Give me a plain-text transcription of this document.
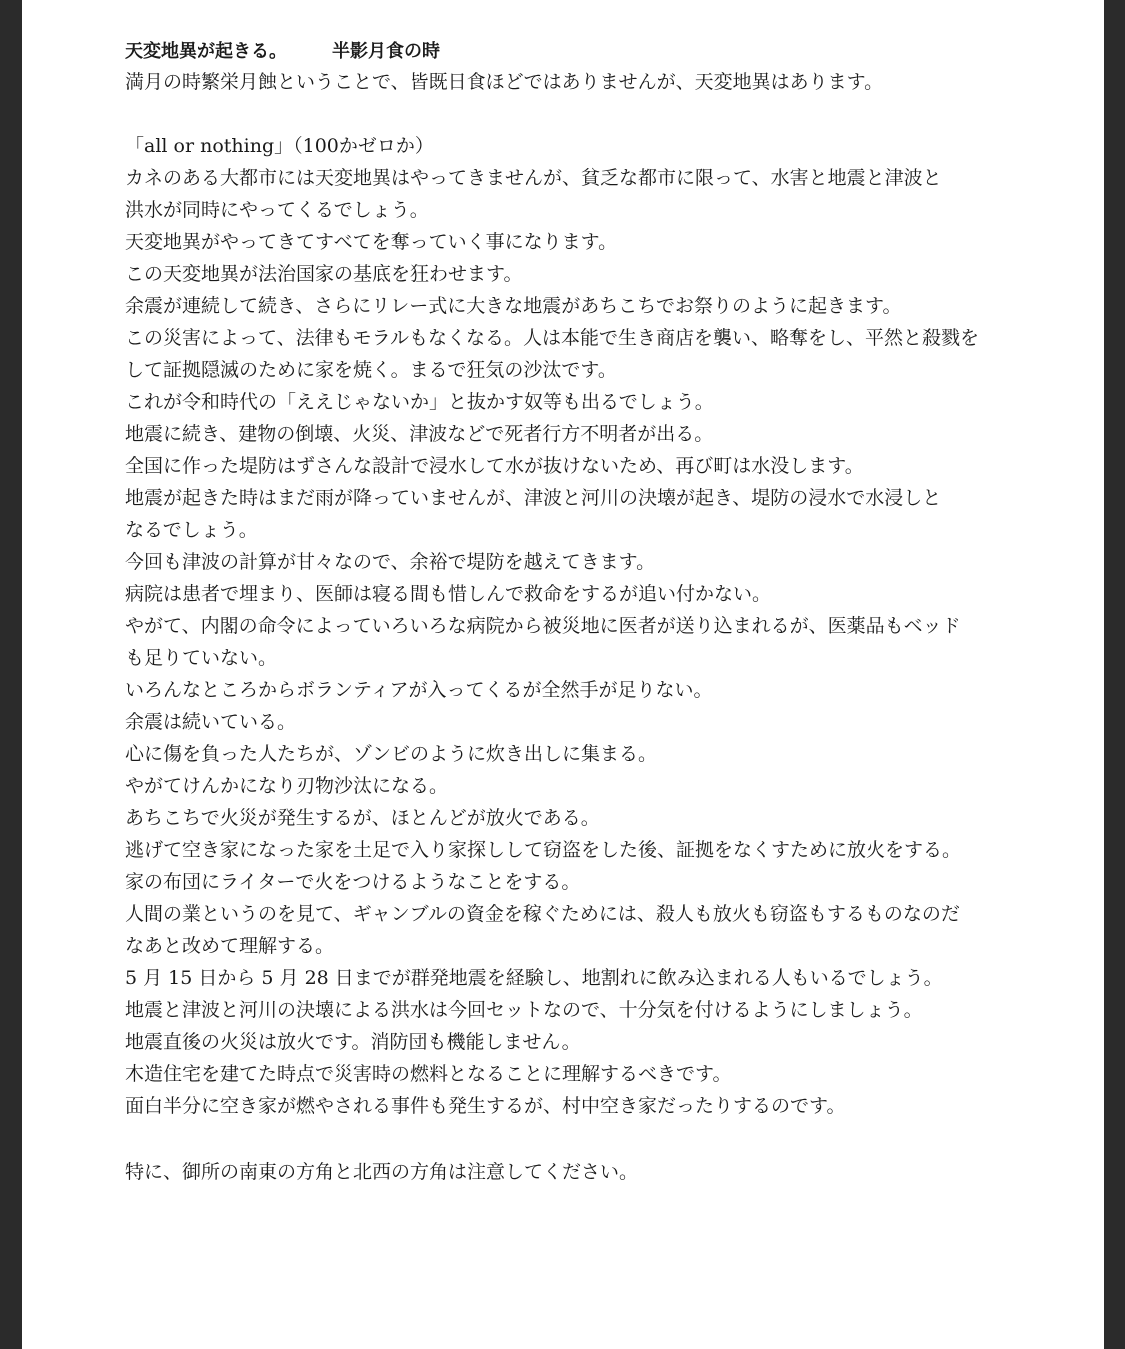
天変地異が起きる。　　　半影月食の時
満月の時繁栄月蝕ということで、皆既日食ほどではありませんが、天変地異はあります。
「all or nothing」（100かゼロか）
カネのある大都市には天変地異はやってきませんが、貧乏な都市に限って、水害と地震と津波と
洪水が同時にやってくるでしょう。
天変地異がやってきてすべてを奪っていく事になります。
この天変地異が法治国家の基底を狂わせます。
余震が連続して続き、さらにリレー式に大きな地震があちこちでお祭りのように起きます。
この災害によって、法律もモラルもなくなる。人は本能で生き商店を襲い、略奪をし、平然と殺戮を
して証拠隠滅のために家を焼く。まるで狂気の沙汰です。
これが令和時代の「ええじゃないか」と抜かす奴等も出るでしょう。
地震に続き、建物の倒壊、火災、津波などで死者行方不明者が出る。
全国に作った堤防はずさんな設計で浸水して水が抜けないため、再び町は水没します。
地震が起きた時はまだ雨が降っていませんが、津波と河川の決壊が起き、堤防の浸水で水浸しと
なるでしょう。
今回も津波の計算が甘々なので、余裕で堤防を越えてきます。
病院は患者で埋まり、医師は寝る間も惜しんで救命をするが追い付かない。
やがて、内閣の命令によっていろいろな病院から被災地に医者が送り込まれるが、医薬品もベッド
も足りていない。
いろんなところからボランティアが入ってくるが全然手が足りない。
余震は続いている。
心に傷を負った人たちが、ゾンビのように炊き出しに集まる。
やがてけんかになり刃物沙汰になる。
あちこちで火災が発生するが、ほとんどが放火である。
逃げて空き家になった家を土足で入り家探しして窃盗をした後、証拠をなくすために放火をする。
家の布団にライターで火をつけるようなことをする。
人間の業というのを見て、ギャンブルの資金を稼ぐためには、殺人も放火も窃盗もするものなのだ
なあと改めて理解する。
5 月 15 日から 5 月 28 日までが群発地震を経験し、地割れに飲み込まれる人もいるでしょう。
地震と津波と河川の決壊による洪水は今回セットなので、十分気を付けるようにしましょう。
地震直後の火災は放火です。消防団も機能しません。
木造住宅を建てた時点で災害時の燃料となることに理解するべきです。
面白半分に空き家が燃やされる事件も発生するが、村中空き家だったりするのです。
特に、御所の南東の方角と北西の方角は注意してください。
